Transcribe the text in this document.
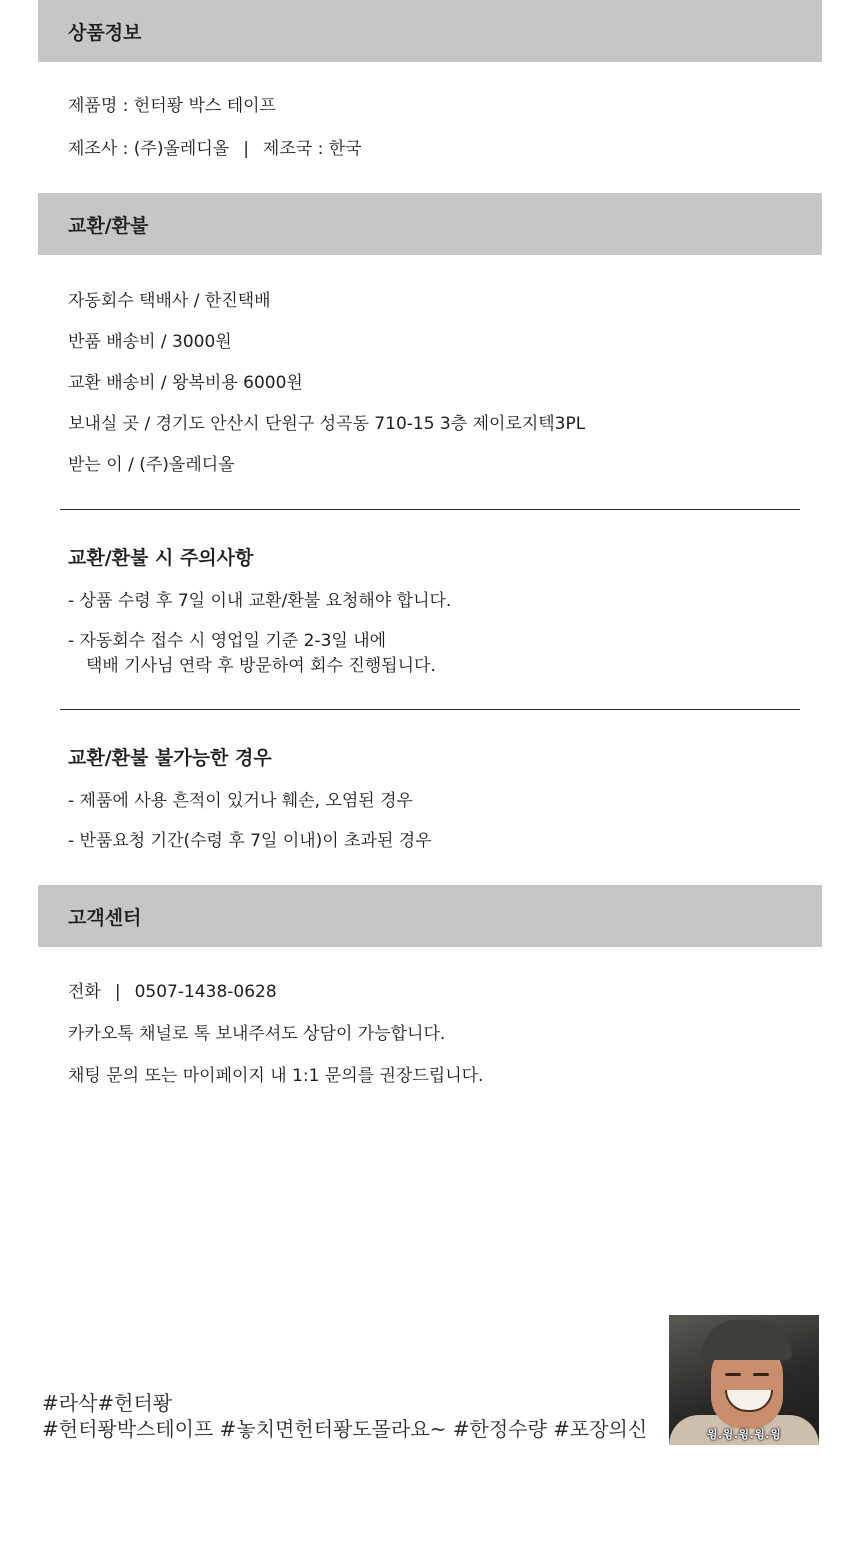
상품정보
제품명 : 헌터퐝 박스 테이프
제조사 : (주)올레디올 | 제조국 : 한국
교환/환불
자동회수 택배사 / 한진택배
반품 배송비 / 3000원
교환 배송비 / 왕복비용 6000원
보내실 곳 / 경기도 안산시 단원구 성곡동 710-15 3층 제이로지텍3PL
받는 이 / (주)올레디올
교환/환불 시 주의사항
- 상품 수령 후 7일 이내 교환/환불 요청해야 합니다.
- 자동회수 접수 시 영업일 기준 2-3일 내에
택배 기사님 연락 후 방문하여 회수 진행됩니다.
교환/환불 불가능한 경우
- 제품에 사용 흔적이 있거나 훼손, 오염된 경우
- 반품요청 기간(수령 후 7일 이내)이 초과된 경우
고객센터
전화 | 0507-1438-0628
카카오톡 채널로 톡 보내주셔도 상담이 가능합니다.
채팅 문의 또는 마이페이지 내 1:1 문의를 권장드립니다.
#라삭#헌터퐝
#헌터퐝박스테이프 #놓치면헌터퐝도몰라요~ #한정수량 #포장의신	윙.윙.윙.윙.윙
